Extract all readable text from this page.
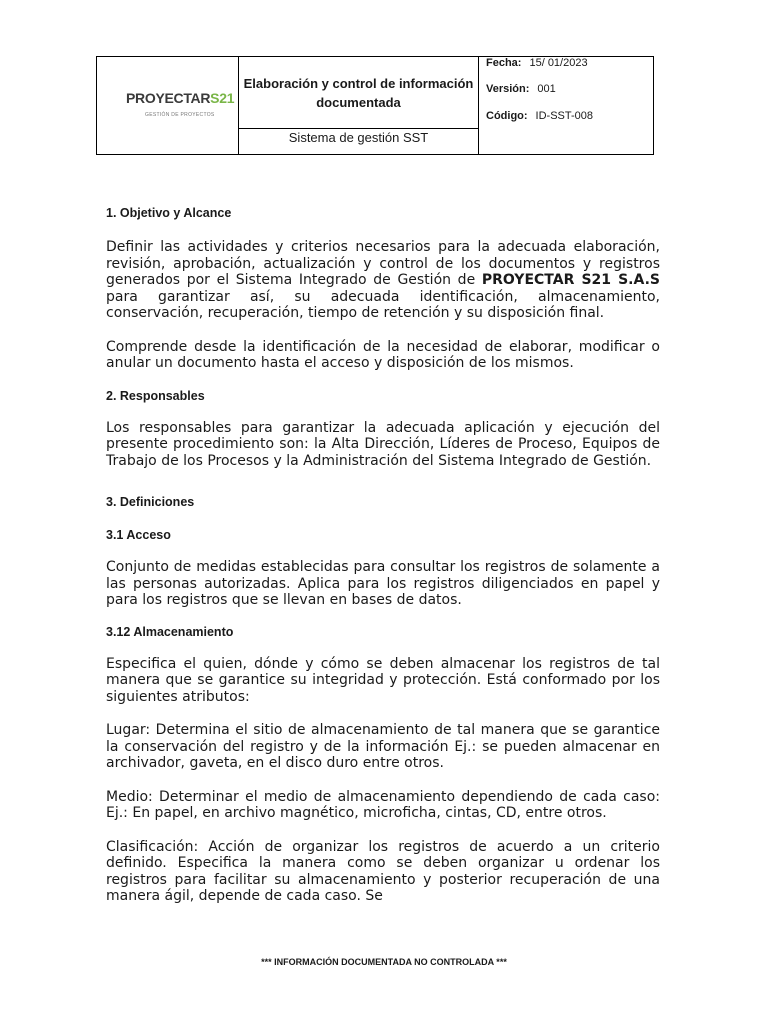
PROYECTARS21
GESTIÓN DE PROYECTOS
Elaboración y control de información documentada
Sistema de gestión SST
Fecha: 15/ 01/2023
Versión: 001
Código: ID-SST-008

1. Objetivo y Alcance

Definir las actividades y criterios necesarios para la adecuada elaboración, revisión, aprobación, actualización y control de los documentos y registros generados por el Sistema Integrado de Gestión de PROYECTAR S21 S.A.S para garantizar así, su adecuada identificación, almacenamiento, conservación, recuperación, tiempo de retención y su disposición final.

Comprende desde la identificación de la necesidad de elaborar, modificar o anular un documento hasta el acceso y disposición de los mismos.

2. Responsables

Los responsables para garantizar la adecuada aplicación y ejecución del presente procedimiento son: la Alta Dirección, Líderes de Proceso, Equipos de Trabajo de los Procesos y la Administración del Sistema Integrado de Gestión.

3. Definiciones

3.1 Acceso

Conjunto de medidas establecidas para consultar los registros de solamente a las personas autorizadas. Aplica para los registros diligenciados en papel y para los registros que se llevan en bases de datos.

3.12 Almacenamiento

Especifica el quien, dónde y cómo se deben almacenar los registros de tal manera que se garantice su integridad y protección. Está conformado por los siguientes atributos:

Lugar: Determina el sitio de almacenamiento de tal manera que se garantice la conservación del registro y de la información Ej.: se pueden almacenar en archivador, gaveta, en el disco duro entre otros.

Medio: Determinar el medio de almacenamiento dependiendo de cada caso: Ej.: En papel, en archivo magnético, microficha, cintas, CD, entre otros.

Clasificación: Acción de organizar los registros de acuerdo a un criterio definido. Especifica la manera como se deben organizar u ordenar los registros para facilitar su almacenamiento y posterior recuperación de una manera ágil, depende de cada caso. Se

*** INFORMACIÓN DOCUMENTADA NO CONTROLADA ***
